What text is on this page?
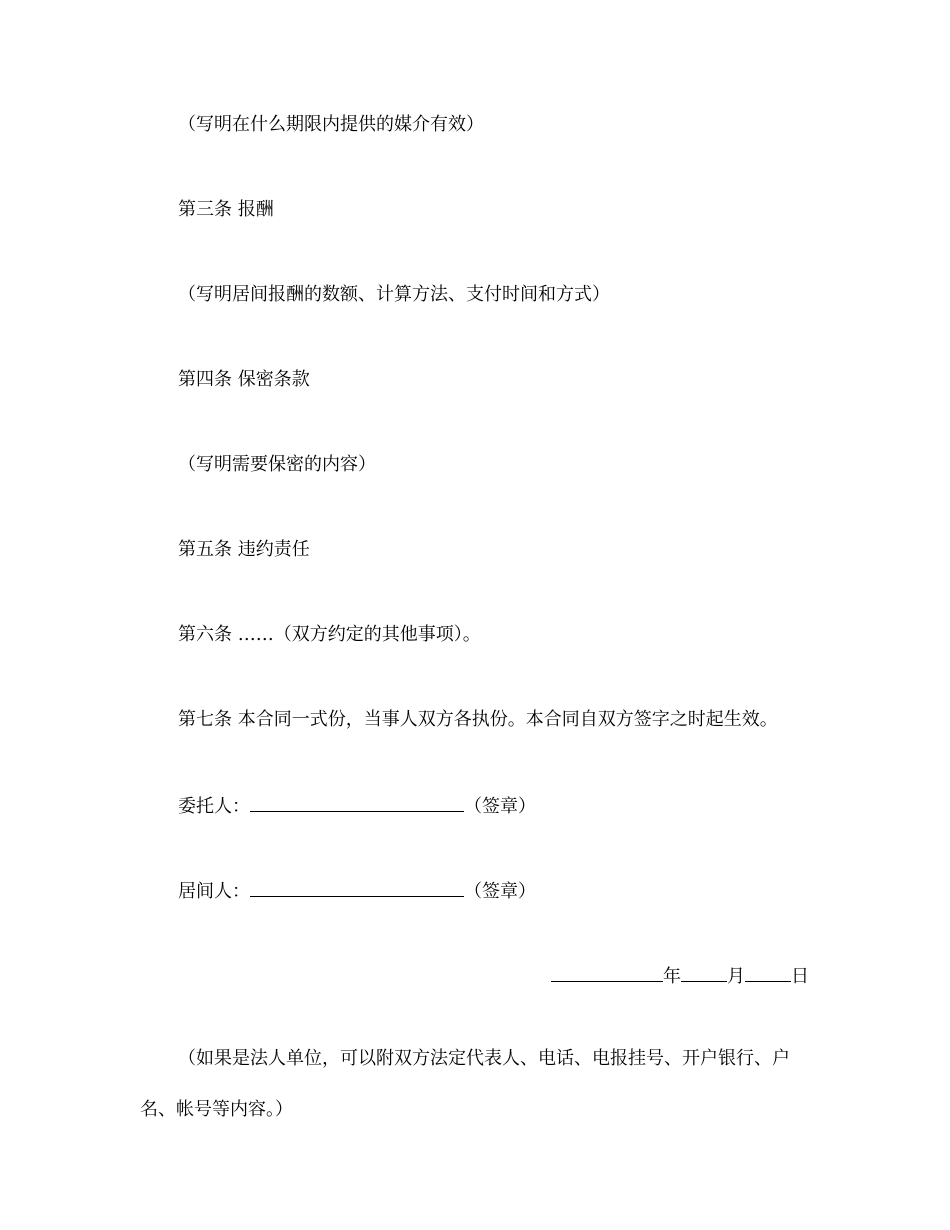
（写明在什么期限内提供的媒介有效）
第三条 报酬
（写明居间报酬的数额、计算方法、支付时间和方式）
第四条 保密条款
（写明需要保密的内容）
第五条 违约责任
第六条 ……（双方约定的其他事项）。
第七条 本合同一式份，当事人双方各执份。本合同自双方签字之时起生效。
委托人：	（签章）
居间人：	（签章）
年	月	日
（如果是法人单位，可以附双方法定代表人、电话、电报挂号、开户银行、户名、帐号等内容。）
